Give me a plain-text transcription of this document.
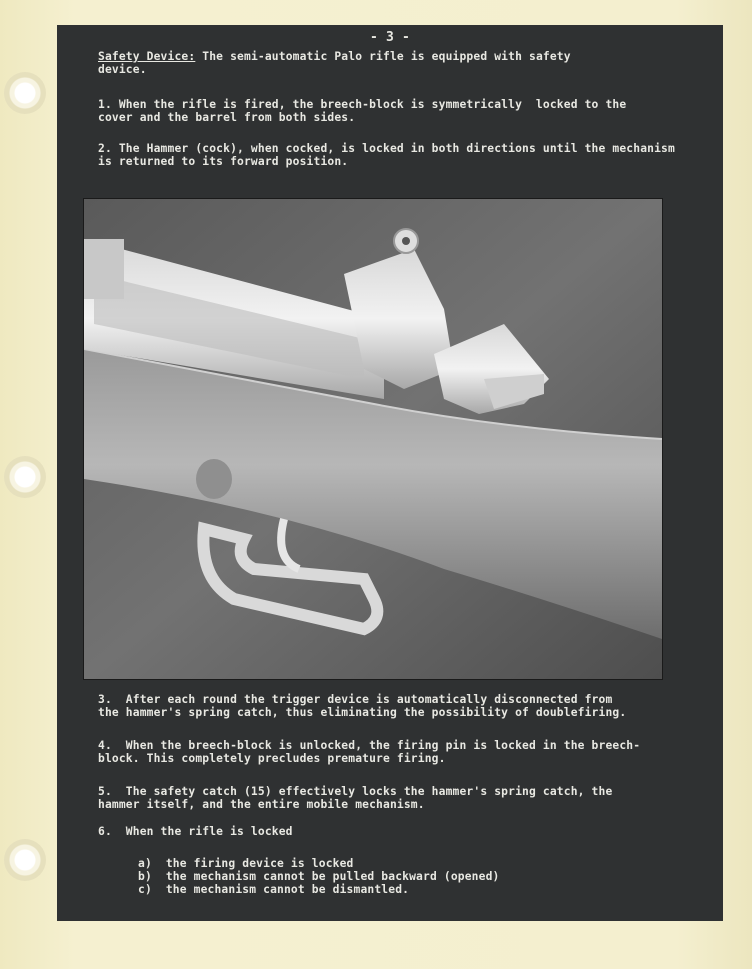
- 3 -
Safety Device: The semi-automatic Palo rifle is equipped with safety
device.
1. When the rifle is fired, the breech-block is symmetrically  locked to the
cover and the barrel from both sides.
2. The Hammer (cock), when cocked, is locked in both directions until the mechanism
is returned to its forward position.
3.  After each round the trigger device is automatically disconnected from
the hammer's spring catch, thus eliminating the possibility of doublefiring.
4.  When the breech-block is unlocked, the firing pin is locked in the breech-
block. This completely precludes premature firing.
5.  The safety catch (15) effectively locks the hammer's spring catch, the
hammer itself, and the entire mobile mechanism.
6.  When the rifle is locked

a) the firing device is locked

b) the mechanism cannot be pulled backward (opened)

c) the mechanism cannot be dismantled.
